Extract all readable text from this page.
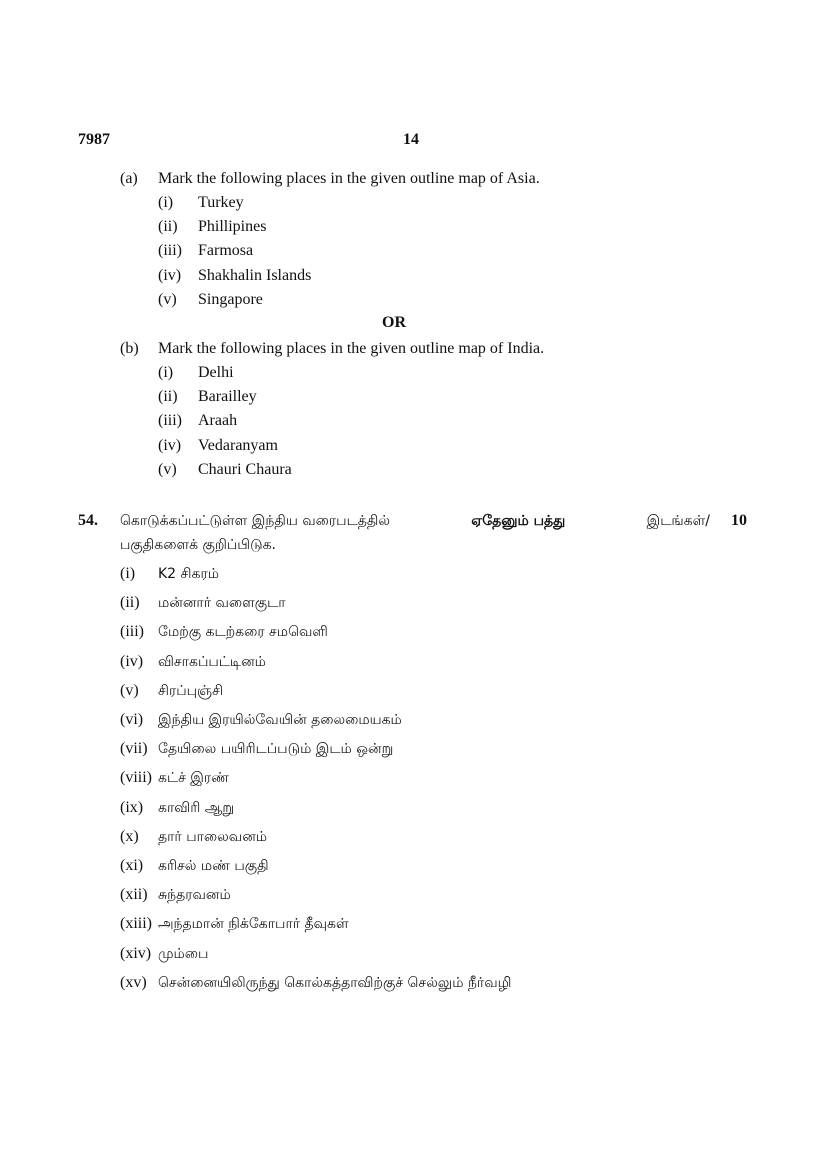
7987	14
(a) Mark the following places in the given outline map of Asia.
(i) Turkey
(ii) Phillipines
(iii) Farmosa
(iv) Shakhalin Islands
(v) Singapore
OR
(b) Mark the following places in the given outline map of India.
(i) Delhi
(ii) Barailley
(iii) Araah
(iv) Vedaranyam
(v) Chauri Chaura
54. கொடுக்கப்பட்டுள்ள இந்திய வரைபடத்தில்	ஏதேனும் பத்து	இடங்கள்/ 10
பகுதிகளைக் குறிப்பிடுக.
(i) K2 சிகரம்
(ii) மன்னார் வளைகுடா
(iii) மேற்கு கடற்கரை சமவெளி
(iv) விசாகப்பட்டினம்
(v) சிரப்புஞ்சி
(vi) இந்திய இரயில்வேயின் தலைமையகம்
(vii) தேயிலை பயிரிடப்படும் இடம் ஒன்று
(viii) கட்ச் இரண்
(ix) காவிரி ஆறு
(x) தார் பாலைவனம்
(xi) கரிசல் மண் பகுதி
(xii) சுந்தரவனம்
(xiii) அந்தமான் நிக்கோபார் தீவுகள்
(xiv) மும்பை
(xv) சென்னையிலிருந்து கொல்கத்தாவிற்குச் செல்லும் நீர்வழி
